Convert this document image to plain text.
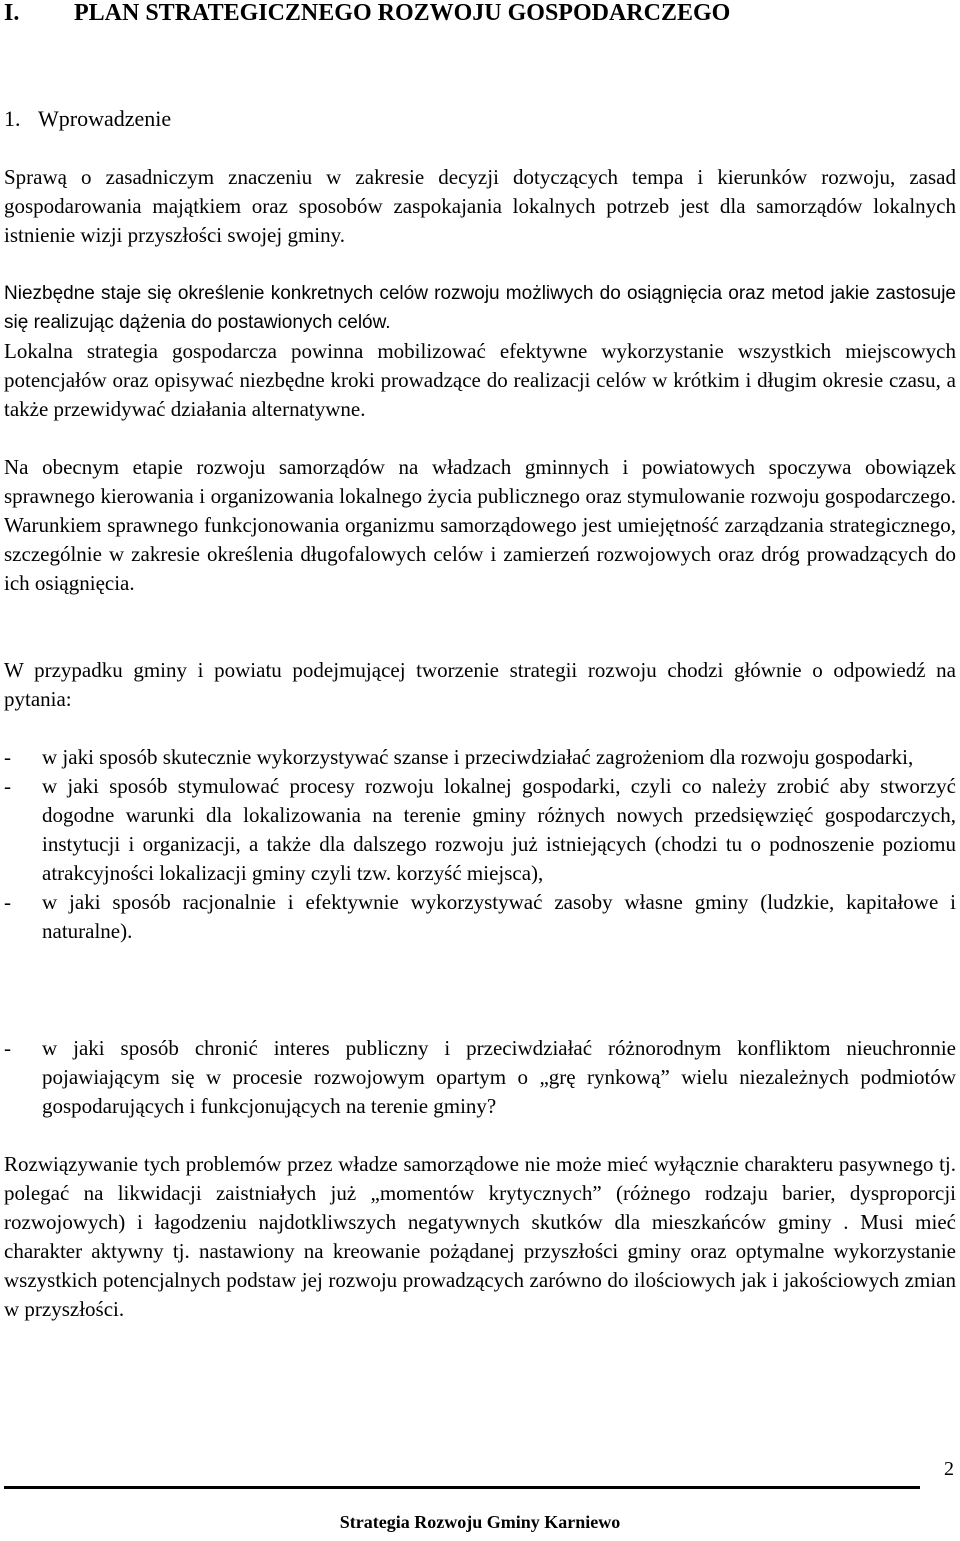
I. PLAN STRATEGICZNEGO ROZWOJU GOSPODARCZEGO
1. Wprowadzenie

Sprawą o zasadniczym znaczeniu w zakresie decyzji dotyczących tempa i kierunków rozwoju, zasad gospodarowania majątkiem oraz sposobów zaspokajania lokalnych potrzeb jest dla samorządów lokalnych istnienie wizji przyszłości swojej gminy.

Niezbędne staje się określenie konkretnych celów rozwoju możliwych do osiągnięcia oraz metod jakie zastosuje się realizując dążenia do postawionych celów.

Lokalna strategia gospodarcza powinna mobilizować efektywne wykorzystanie wszystkich miejscowych potencjałów oraz opisywać niezbędne kroki prowadzące do realizacji celów w krótkim i długim okresie czasu, a także przewidywać działania alternatywne.

Na obecnym etapie rozwoju samorządów na władzach gminnych i powiatowych spoczywa obowiązek sprawnego kierowania i organizowania lokalnego życia publicznego oraz stymulowanie rozwoju gospodarczego. Warunkiem sprawnego funkcjonowania organizmu samorządowego jest umiejętność zarządzania strategicznego, szczególnie w zakresie określenia długofalowych celów i zamierzeń rozwojowych oraz dróg prowadzących do ich osiągnięcia.

W przypadku gminy i powiatu podejmującej tworzenie strategii rozwoju chodzi głównie o odpowiedź na pytania:

- w jaki sposób skutecznie wykorzystywać szanse i przeciwdziałać zagrożeniom dla rozwoju gospodarki,
- w jaki sposób stymulować procesy rozwoju lokalnej gospodarki, czyli co należy zrobić aby stworzyć dogodne warunki dla lokalizowania na terenie gminy różnych nowych przedsięwzięć gospodarczych, instytucji i organizacji, a także dla dalszego rozwoju już istniejących (chodzi tu o podnoszenie poziomu atrakcyjności lokalizacji gminy czyli tzw. korzyść miejsca),
- w jaki sposób racjonalnie i efektywnie wykorzystywać zasoby własne gminy (ludzkie, kapitałowe i naturalne).
- w jaki sposób chronić interes publiczny i przeciwdziałać różnorodnym konfliktom nieuchronnie pojawiającym się w procesie rozwojowym opartym o „grę rynkową” wielu niezależnych podmiotów gospodarujących i funkcjonujących na terenie gminy?

Rozwiązywanie tych problemów przez władze samorządowe nie może mieć wyłącznie charakteru pasywnego tj. polegać na likwidacji zaistniałych już „momentów krytycznych” (różnego rodzaju barier, dysproporcji rozwojowych) i łagodzeniu najdotkliwszych negatywnych skutków dla mieszkańców gminy . Musi mieć charakter aktywny tj. nastawiony na kreowanie pożądanej przyszłości gminy oraz optymalne wykorzystanie wszystkich potencjalnych podstaw jej rozwoju prowadzących zarówno do ilościowych jak i jakościowych zmian w przyszłości.

2
Strategia Rozwoju Gminy Karniewo
